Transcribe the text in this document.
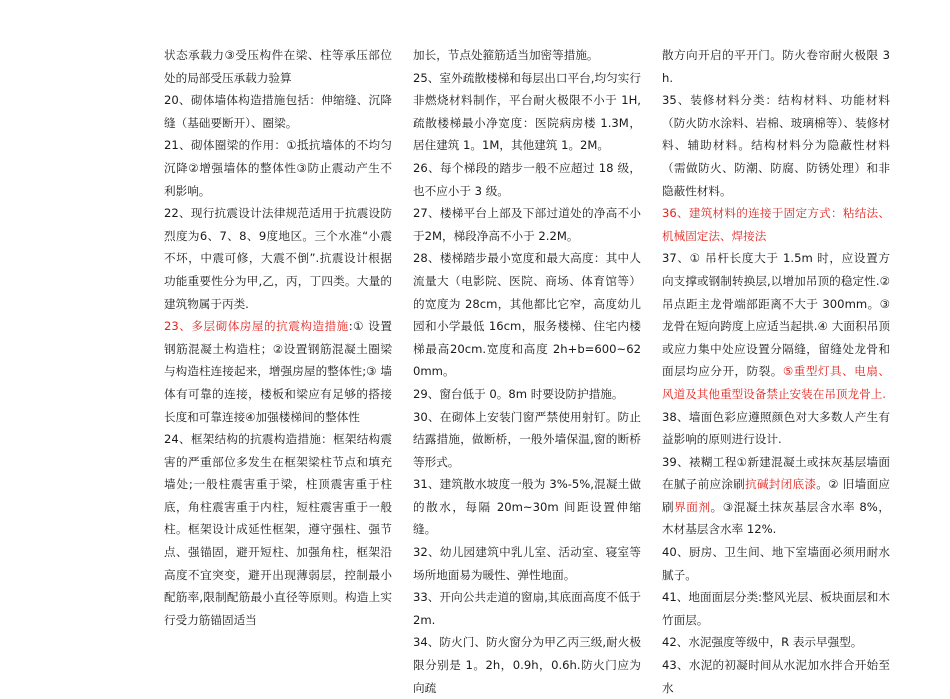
状态承载力③受压构件在梁、柱等承压部位处的局部受压承载力验算

20、砌体墙体构造措施包括：伸缩缝、沉降缝（基础要断开）、圈梁。

21、砌体圈梁的作用：①抵抗墙体的不均匀沉降②增强墙体的整体性③防止震动产生不利影响。

22、现行抗震设计法律规范适用于抗震设防烈度为6、7、8、9度地区。三个水准“小震不坏，中震可修，大震不倒”.抗震设计根据功能重要性分为甲,乙，丙，丁四类。大量的建筑物属于丙类.

23、多层砌体房屋的抗震构造措施:① 设置钢筋混凝土构造柱；②设置钢筋混凝土圈梁与构造柱连接起来，增强房屋的整体性;③ 墙体有可靠的连接，楼板和梁应有足够的搭接长度和可靠连接④加强楼梯间的整体性

24、框架结构的抗震构造措施：框架结构震害的严重部位多发生在框架梁柱节点和填充墙处;一般柱震害重于梁，柱顶震害重于柱底，角柱震害重于内柱，短柱震害重于一般柱。框架设计成延性框架，遵守强柱、强节点、强锚固，避开短柱、加强角柱，框架沿高度不宜突变，避开出现薄弱层，控制最小配筋率,限制配筋最小直径等原则。构造上实行受力筋锚固适当

加长，节点处箍筋适当加密等措施。

25、室外疏散楼梯和每层出口平台,均匀实行非燃烧材料制作，平台耐火极限不小于 1H,疏散楼梯最小净宽度：医院病房楼 1.3M，居住建筑 1。1M，其他建筑 1。2M。

26、每个梯段的踏步一般不应超过 18 级，也不应小于 3 级。

27、楼梯平台上部及下部过道处的净高不小于2M，梯段净高不小于 2.2M。

28、楼梯踏步最小宽度和最大高度：其中人流量大（电影院、医院、商场、体育馆等）的宽度为 28cm，其他都比它窄，高度幼儿园和小学最低 16cm，服务楼梯、住宅内楼梯最高20cm.宽度和高度 2h+b=600~620mm。

29、窗台低于 0。8m 时要设防护措施。

30、在砌体上安装门窗严禁使用射钉。防止结露措施，做断桥，一般外墙保温,窗的断桥等形式。

31、建筑散水坡度一般为 3%-5%,混凝土做的散水，每隔 20m~30m 间距设置伸缩缝。

32、幼儿园建筑中乳儿室、活动室、寝室等场所地面易为暖性、弹性地面。

33、开向公共走道的窗扇,其底面高度不低于2m.

34、防火门、防火窗分为甲乙丙三级,耐火极限分别是 1。2h，0.9h，0.6h.防火门应为向疏

散方向开启的平开门。防火卷帘耐火极限 3h.

35、装修材料分类：结构材料、功能材料（防火防水涂料、岩棉、玻璃棉等）、装修材料、辅助材料。结构材料分为隐蔽性材料（需做防火、防潮、防腐、防锈处理）和非隐蔽性材料。

36、建筑材料的连接于固定方式：粘结法、机械固定法、焊接法

37、① 吊杆长度大于 1.5m 时，应设置方向支撑或钢制转换层,以增加吊顶的稳定性.② 吊点距主龙骨端部距离不大于 300mm。③龙骨在短向跨度上应适当起拱.④ 大面积吊顶或应力集中处应设置分隔缝，留缝处龙骨和面层均应分开，防裂。⑤重型灯具、电扇、风道及其他重型设备禁止安装在吊顶龙骨上.

38、墙面色彩应遵照颜色对大多数人产生有益影响的原则进行设计.

39、裱糊工程①新建混凝土或抹灰基层墙面在腻子前应涂刷抗碱封闭底漆。② 旧墙面应刷界面剂。③混凝土抹灰基层含水率 8%，木材基层含水率 12%.

40、厨房、卫生间、地下室墙面必须用耐水腻子。

41、地面面层分类:整风光层、板块面层和木竹面层。

42、水泥强度等级中，R 表示早强型。

43、水泥的初凝时间从水泥加水拌合开始至水
